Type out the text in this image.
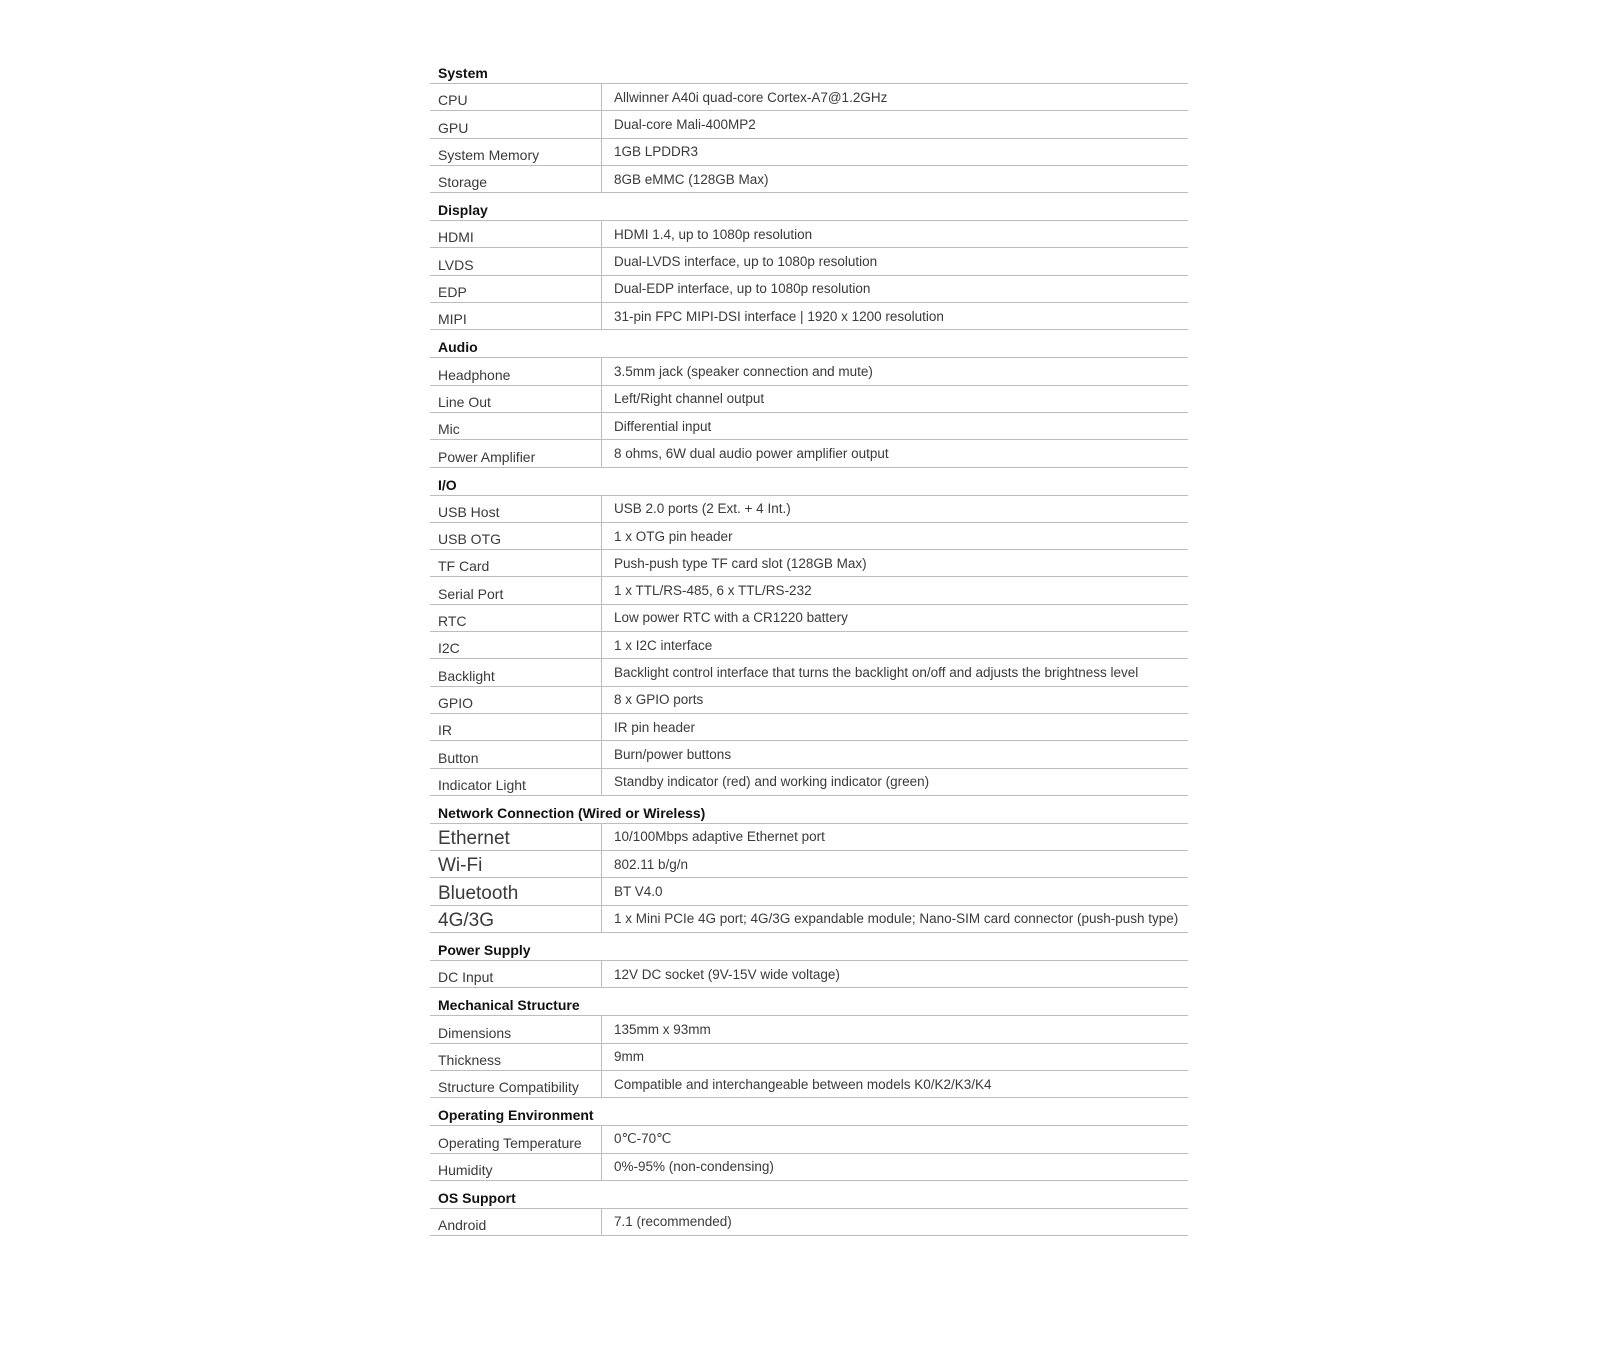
System
CPU	Allwinner A40i quad-core Cortex-A7@1.2GHz
GPU	Dual-core Mali-400MP2
System Memory	1GB LPDDR3
Storage	8GB eMMC (128GB Max)
Display
HDMI	HDMI 1.4, up to 1080p resolution
LVDS	Dual-LVDS interface, up to 1080p resolution
EDP	Dual-EDP interface, up to 1080p resolution
MIPI	31-pin FPC MIPI-DSI interface | 1920 x 1200 resolution
Audio
Headphone	3.5mm jack (speaker connection and mute)
Line Out	Left/Right channel output
Mic	Differential input
Power Amplifier	8 ohms, 6W dual audio power amplifier output
I/O
USB Host	USB 2.0 ports (2 Ext. + 4 Int.)
USB OTG	1 x OTG pin header
TF Card	Push-push type TF card slot (128GB Max)
Serial Port	1 x TTL/RS-485, 6 x TTL/RS-232
RTC	Low power RTC with a CR1220 battery
I2C	1 x I2C interface
Backlight	Backlight control interface that turns the backlight on/off and adjusts the brightness level
GPIO	8 x GPIO ports
IR	IR pin header
Button	Burn/power buttons
Indicator Light	Standby indicator (red) and working indicator (green)
Network Connection (Wired or Wireless)
Ethernet	10/100Mbps adaptive Ethernet port
Wi-Fi	802.11 b/g/n
Bluetooth	BT V4.0
4G/3G	1 x Mini PCIe 4G port; 4G/3G expandable module; Nano-SIM card connector (push-push type)
Power Supply
DC Input	12V DC socket (9V-15V wide voltage)
Mechanical Structure
Dimensions	135mm x 93mm
Thickness	9mm
Structure Compatibility	Compatible and interchangeable between models K0/K2/K3/K4
Operating Environment
Operating Temperature	0℃-70℃
Humidity	0%-95% (non-condensing)
OS Support
Android	7.1 (recommended)
